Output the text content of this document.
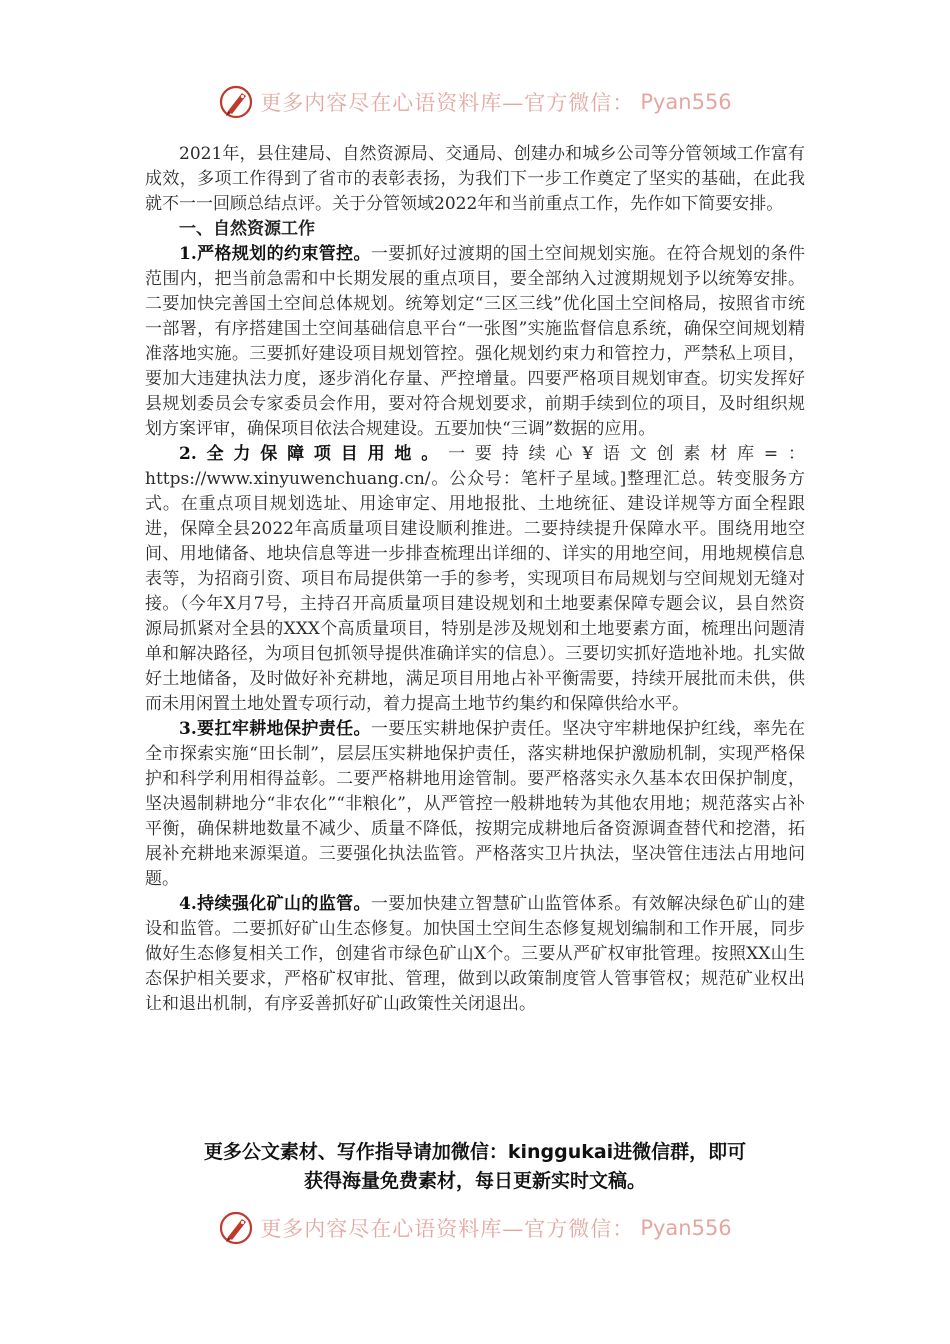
更多内容尽在心语资料库—官方微信： Pyan556

2021年，县住建局、自然资源局、交通局、创建办和城乡公司等分管领域工作富有成效，多项工作得到了省市的表彰表扬，为我们下一步工作奠定了坚实的基础，在此我就不一一回顾总结点评。关于分管领域2022年和当前重点工作，先作如下简要安排。

一、自然资源工作

1.严格规划的约束管控。一要抓好过渡期的国土空间规划实施。在符合规划的条件范围内，把当前急需和中长期发展的重点项目，要全部纳入过渡期规划予以统筹安排。二要加快完善国土空间总体规划。统筹划定“三区三线”优化国土空间格局，按照省市统一部署，有序搭建国土空间基础信息平台“一张图”实施监督信息系统，确保空间规划精准落地实施。三要抓好建设项目规划管控。强化规划约束力和管控力，严禁私上项目，要加大违建执法力度，逐步消化存量、严控增量。四要严格项目规划审查。切实发挥好县规划委员会专家委员会作用，要对符合规划要求，前期手续到位的项目，及时组织规划方案评审，确保项目依法合规建设。五要加快“三调”数据的应用。

2.全力保障项目用地。一要持续心¥语文创素材库=：https://www.xinyuwenchuang.cn/。公众号：笔杆子星域。]整理汇总。转变服务方式。在重点项目规划选址、用途审定、用地报批、土地统征、建设详规等方面全程跟进，保障全县2022年高质量项目建设顺利推进。二要持续提升保障水平。围绕用地空间、用地储备、地块信息等进一步排查梳理出详细的、详实的用地空间，用地规模信息表等，为招商引资、项目布局提供第一手的参考，实现项目布局规划与空间规划无缝对接。（今年X月7号，主持召开高质量项目建设规划和土地要素保障专题会议，县自然资源局抓紧对全县的XXX个高质量项目，特别是涉及规划和土地要素方面，梳理出问题清单和解决路径，为项目包抓领导提供准确详实的信息）。三要切实抓好造地补地。扎实做好土地储备，及时做好补充耕地，满足项目用地占补平衡需要，持续开展批而未供，供而未用闲置土地处置专项行动，着力提高土地节约集约和保障供给水平。

3.要扛牢耕地保护责任。一要压实耕地保护责任。坚决守牢耕地保护红线，率先在全市探索实施“田长制”，层层压实耕地保护责任，落实耕地保护激励机制，实现严格保护和科学利用相得益彰。二要严格耕地用途管制。要严格落实永久基本农田保护制度，坚决遏制耕地分“非农化”“非粮化”，从严管控一般耕地转为其他农用地；规范落实占补平衡，确保耕地数量不减少、质量不降低，按期完成耕地后备资源调查替代和挖潜，拓展补充耕地来源渠道。三要强化执法监管。严格落实卫片执法，坚决管住违法占用地问题。

4.持续强化矿山的监管。一要加快建立智慧矿山监管体系。有效解决绿色矿山的建设和监管。二要抓好矿山生态修复。加快国土空间生态修复规划编制和工作开展，同步做好生态修复相关工作，创建省市绿色矿山X个。三要从严矿权审批管理。按照XX山生态保护相关要求，严格矿权审批、管理，做到以政策制度管人管事管权；规范矿业权出让和退出机制，有序妥善抓好矿山政策性关闭退出。

更多公文素材、写作指导请加微信：kinggukai进微信群，即可
获得海量免费素材，每日更新实时文稿。
更多内容尽在心语资料库—官方微信： Pyan556
